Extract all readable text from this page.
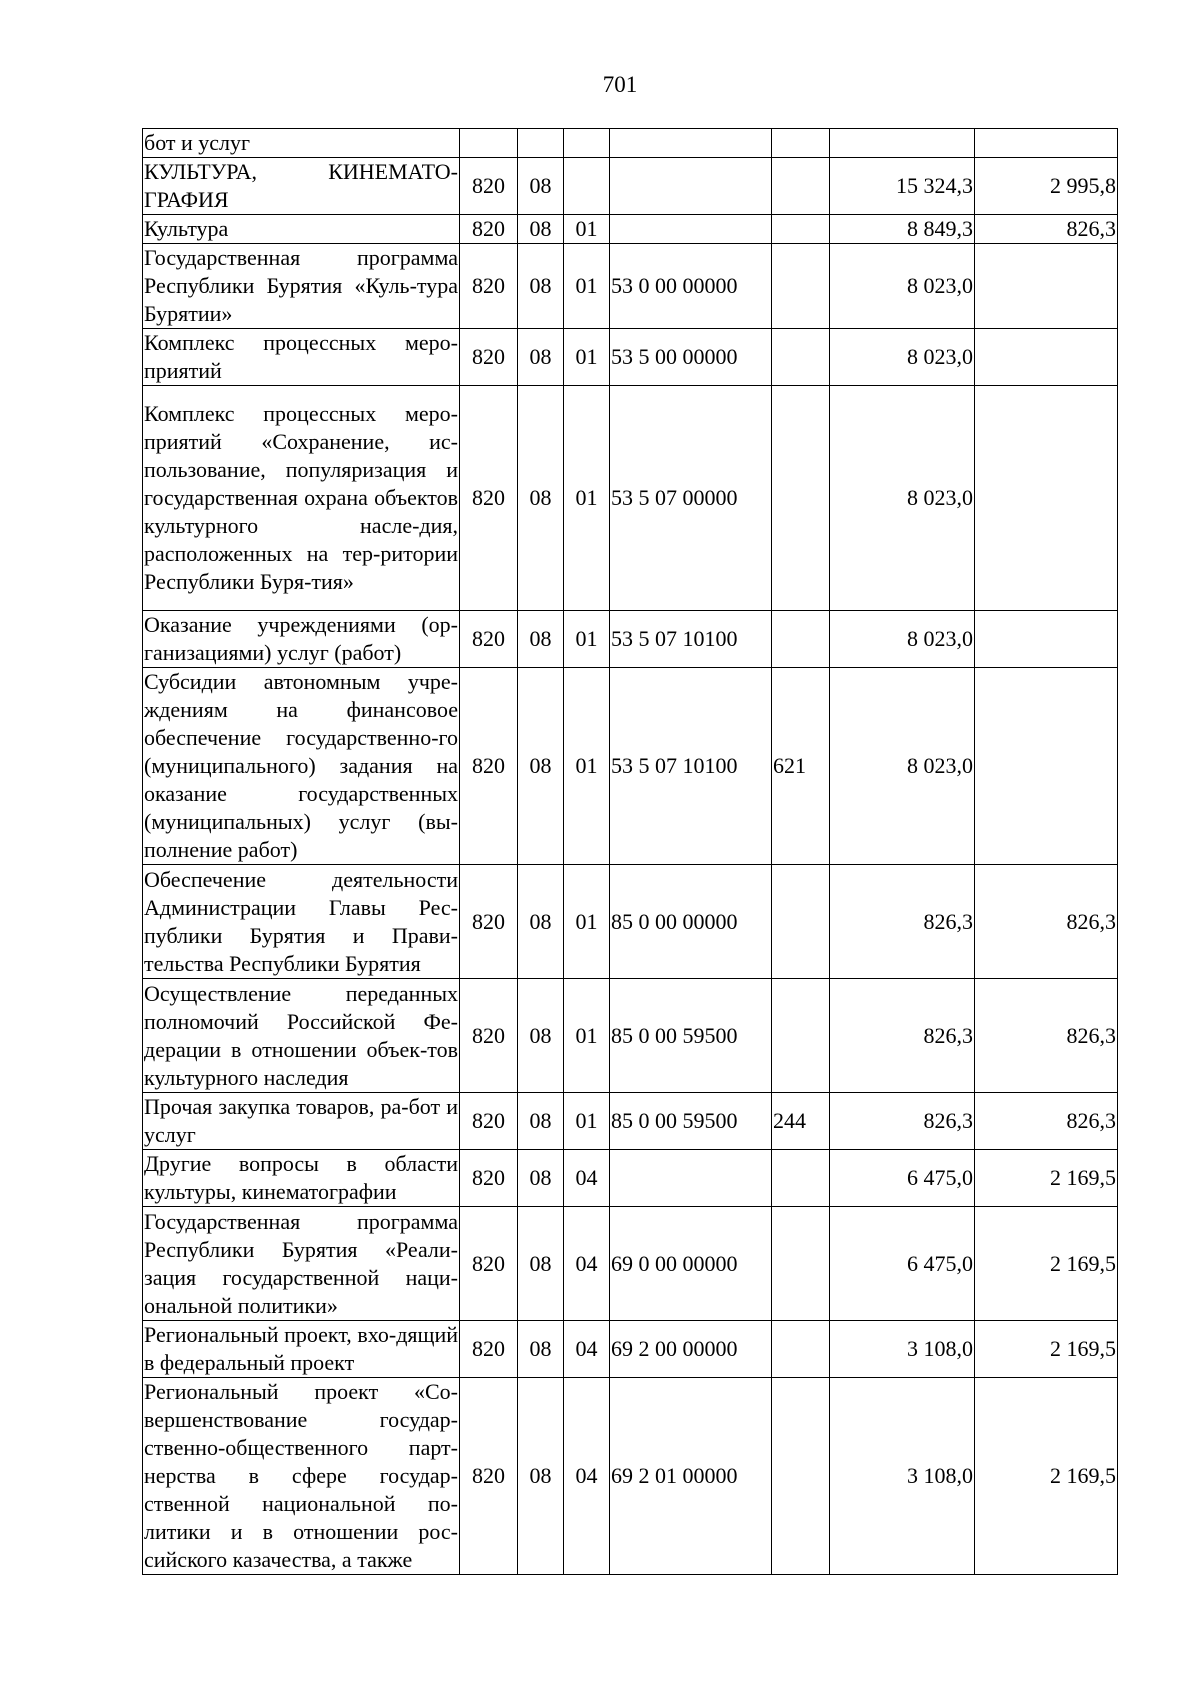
701
бот и услуг							
КУЛЬТУРА, КИНЕМАТО-ГРАФИЯ	820	08				15 324,3	2 995,8
Культура	820	08	01			8 849,3	826,3
Государственная программа Республики Бурятия «Куль-тура Бурятии»	820	08	01	53 0 00 00000		8 023,0	
Комплекс процессных меро-приятий	820	08	01	53 5 00 00000		8 023,0	
Комплекс процессных меро-приятий «Сохранение, ис-пользование, популяризация и государственная охрана объектов культурного насле-дия, расположенных на тер-ритории Республики Буря-тия»	820	08	01	53 5 07 00000		8 023,0	
Оказание учреждениями (ор-ганизациями) услуг (работ)	820	08	01	53 5 07 10100		8 023,0	
Субсидии автономным учре-ждениям на финансовое обеспечение государственно-го (муниципального) задания на оказание государственных (муниципальных) услуг (вы-полнение работ)	820	08	01	53 5 07 10100	621	8 023,0	
Обеспечение деятельности Администрации Главы Рес-публики Бурятия и Прави-тельства Республики Бурятия	820	08	01	85 0 00 00000		826,3	826,3
Осуществление переданных полномочий Российской Фе-дерации в отношении объек-тов культурного наследия	820	08	01	85 0 00 59500		826,3	826,3
Прочая закупка товаров, ра-бот и услуг	820	08	01	85 0 00 59500	244	826,3	826,3
Другие вопросы в области культуры, кинематографии	820	08	04			6 475,0	2 169,5
Государственная программа Республики Бурятия «Реали-зация государственной наци-ональной политики»	820	08	04	69 0 00 00000		6 475,0	2 169,5
Региональный проект, вхо-дящий в федеральный проект	820	08	04	69 2 00 00000		3 108,0	2 169,5
Региональный проект «Со-вершенствование государ-ственно-общественного парт-нерства в сфере государ-ственной национальной по-литики и в отношении рос-сийского казачества, а также	820	08	04	69 2 01 00000		3 108,0	2 169,5
